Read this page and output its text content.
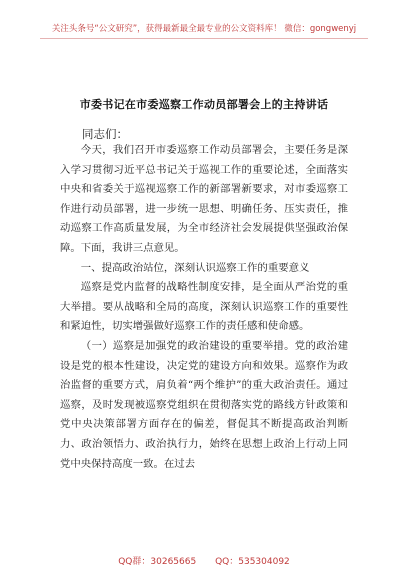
关注头条号“公文研究”，获得最新最全最专业的公文资料库！ 微信：gongwenyj
市委书记在市委巡察工作动员部署会上的主持讲话
同志们：

今天，我们召开市委巡察工作动员部署会，主要任务是深入学习贯彻习近平总书记关于巡视工作的重要论述，全面落实中央和省委关于巡视巡察工作的新部署新要求，对市委巡察工作进行动员部署，进一步统一思想、明确任务、压实责任，推动巡察工作高质量发展，为全市经济社会发展提供坚强政治保障。下面，我讲三点意见。

一、提高政治站位，深刻认识巡察工作的重要意义

巡察是党内监督的战略性制度安排，是全面从严治党的重大举措。要从战略和全局的高度，深刻认识巡察工作的重要性和紧迫性，切实增强做好巡察工作的责任感和使命感。

（一）巡察是加强党的政治建设的重要举措。党的政治建设是党的根本性建设，决定党的建设方向和效果。巡察作为政治监督的重要方式，肩负着“两个维护”的重大政治责任。通过巡察，及时发现被巡察党组织在贯彻落实党的路线方针政策和党中央决策部署方面存在的偏差，督促其不断提高政治判断力、政治领悟力、政治执行力，始终在思想上政治上行动上同党中央保持高度一致。在过去

QQ群：30265665 QQ：535304092
